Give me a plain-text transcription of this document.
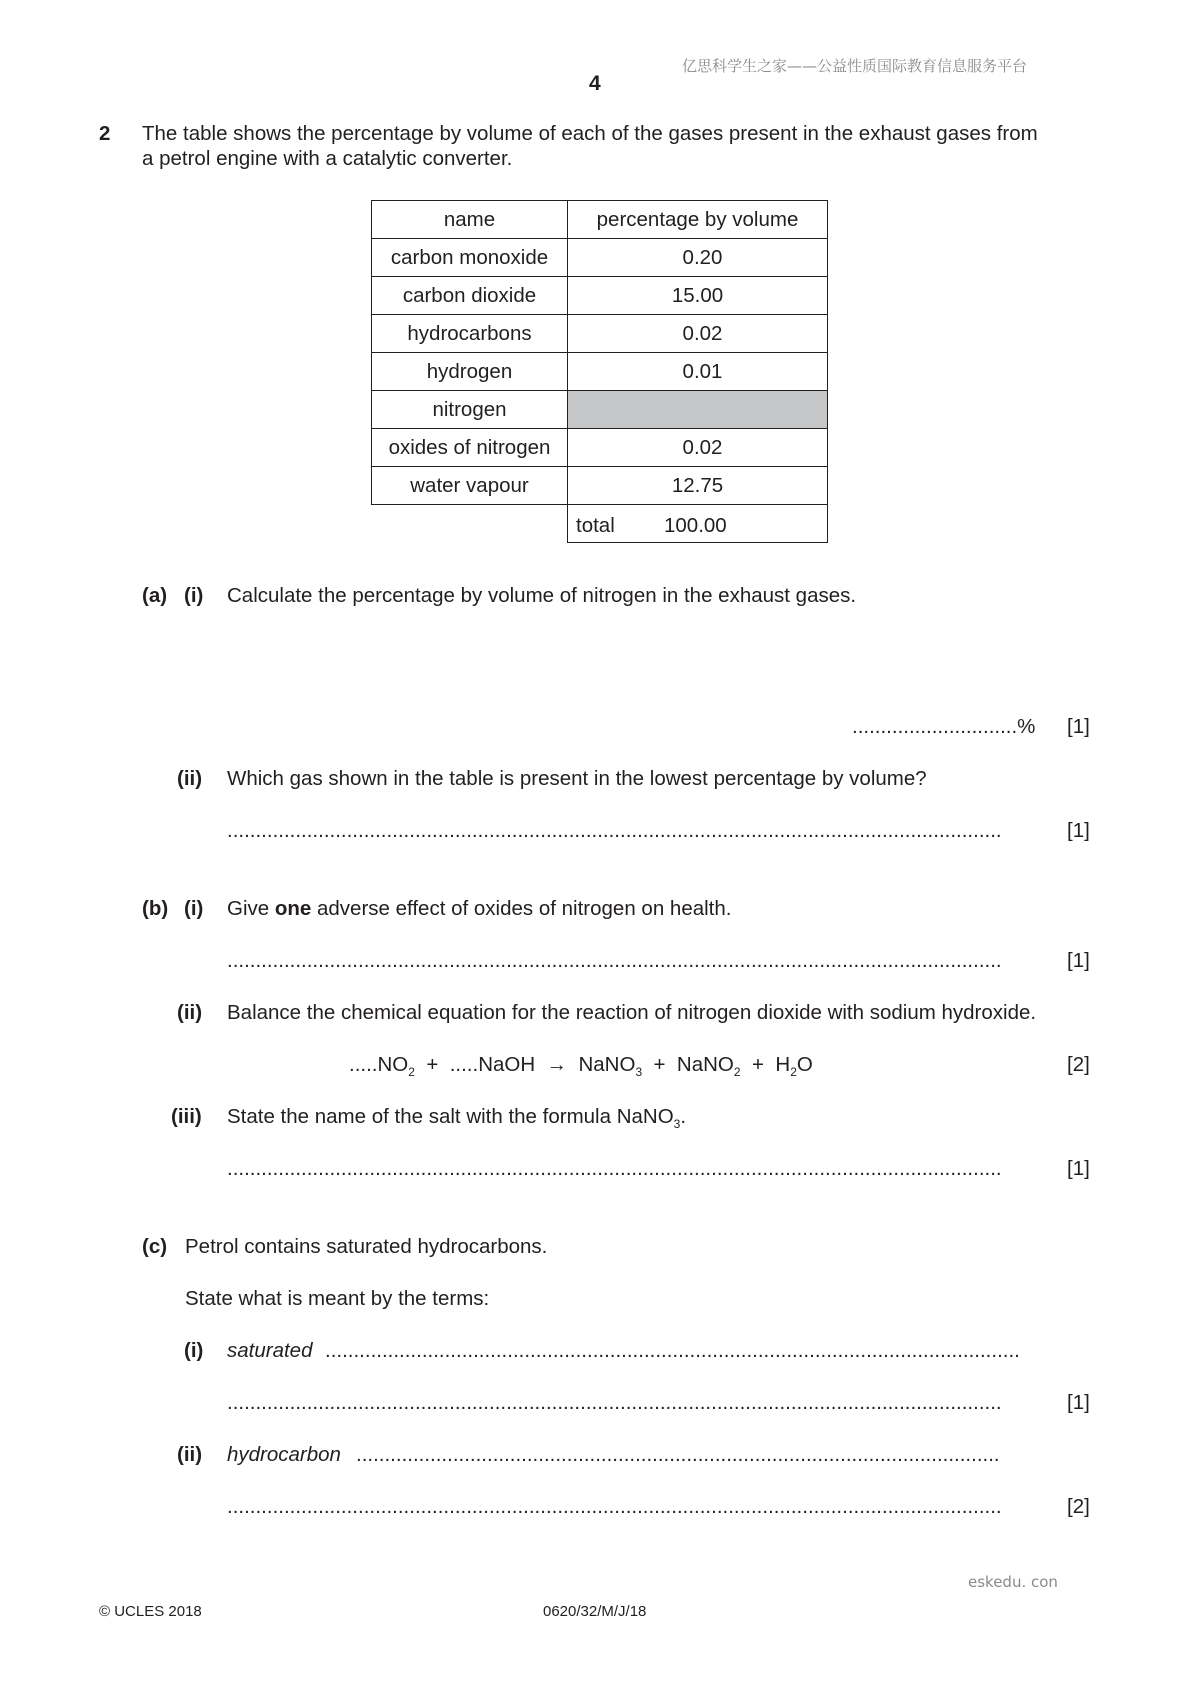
亿思科学生之家——公益性质国际教育信息服务平台
4
2 The table shows the percentage by volume of each of the gases present in the exhaust gases from
a petrol engine with a catalytic converter.
name	percentage by volume
carbon monoxide	0.20
carbon dioxide	15.00
hydrocarbons	0.02
hydrogen	0.01
nitrogen	
oxides of nitrogen	0.02
water vapour	12.75

	total 100.00
(a) (i) Calculate the percentage by volume of nitrogen in the exhaust gases.
.............................% [1]
(ii) Which gas shown in the table is present in the lowest percentage by volume?
........................................................................................................................................	[1]
(b) (i) Give one adverse effect of oxides of nitrogen on health.
........................................................................................................................................	[1]
(ii) Balance the chemical equation for the reaction of nitrogen dioxide with sodium hydroxide.
$.....NO_2$ + .....NaOH → NaNO$_3$ + NaNO$_2$ + $H_2O$	[2]
(iii) State the name of the salt with the formula NaNO$_3$.
........................................................................................................................................	[1]
(c) Petrol contains saturated hydrocarbons.
State what is meant by the terms:
(i) saturated ..........................................................................................................................
........................................................................................................................................	[1]
(ii) hydrocarbon .................................................................................................................
........................................................................................................................................	[2]
eskedu. con
© UCLES 2018	0620/32/M/J/18
